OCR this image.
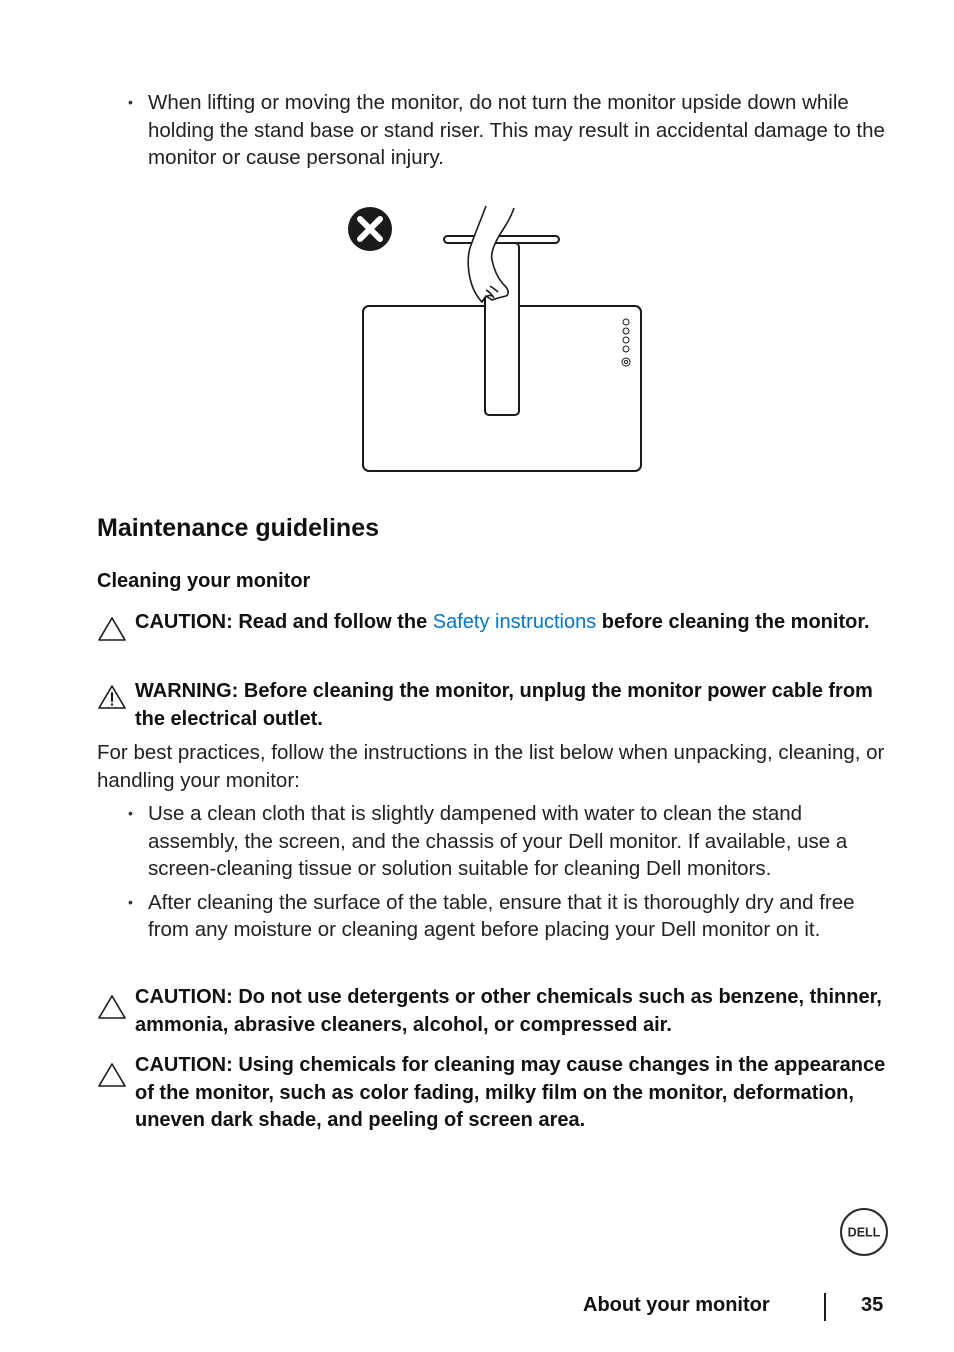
• When lifting or moving the monitor, do not turn the monitor upside down while holding the stand base or stand riser. This may result in accidental damage to the monitor or cause personal injury.
Maintenance guidelines
Cleaning your monitor
CAUTION: Read and follow the Safety instructions before cleaning the monitor.
WARNING: Before cleaning the monitor, unplug the monitor power cable from the electrical outlet.
For best practices, follow the instructions in the list below when unpacking, cleaning, or handling your monitor:
• Use a clean cloth that is slightly dampened with water to clean the stand assembly, the screen, and the chassis of your Dell monitor. If available, use a screen-cleaning tissue or solution suitable for cleaning Dell monitors.
• After cleaning the surface of the table, ensure that it is thoroughly dry and free from any moisture or cleaning agent before placing your Dell monitor on it.
CAUTION: Do not use detergents or other chemicals such as benzene, thinner, ammonia, abrasive cleaners, alcohol, or compressed air.
CAUTION: Using chemicals for cleaning may cause changes in the appearance of the monitor, such as color fading, milky film on the monitor, deformation, uneven dark shade, and peeling of screen area.
DELL
About your monitor	35
